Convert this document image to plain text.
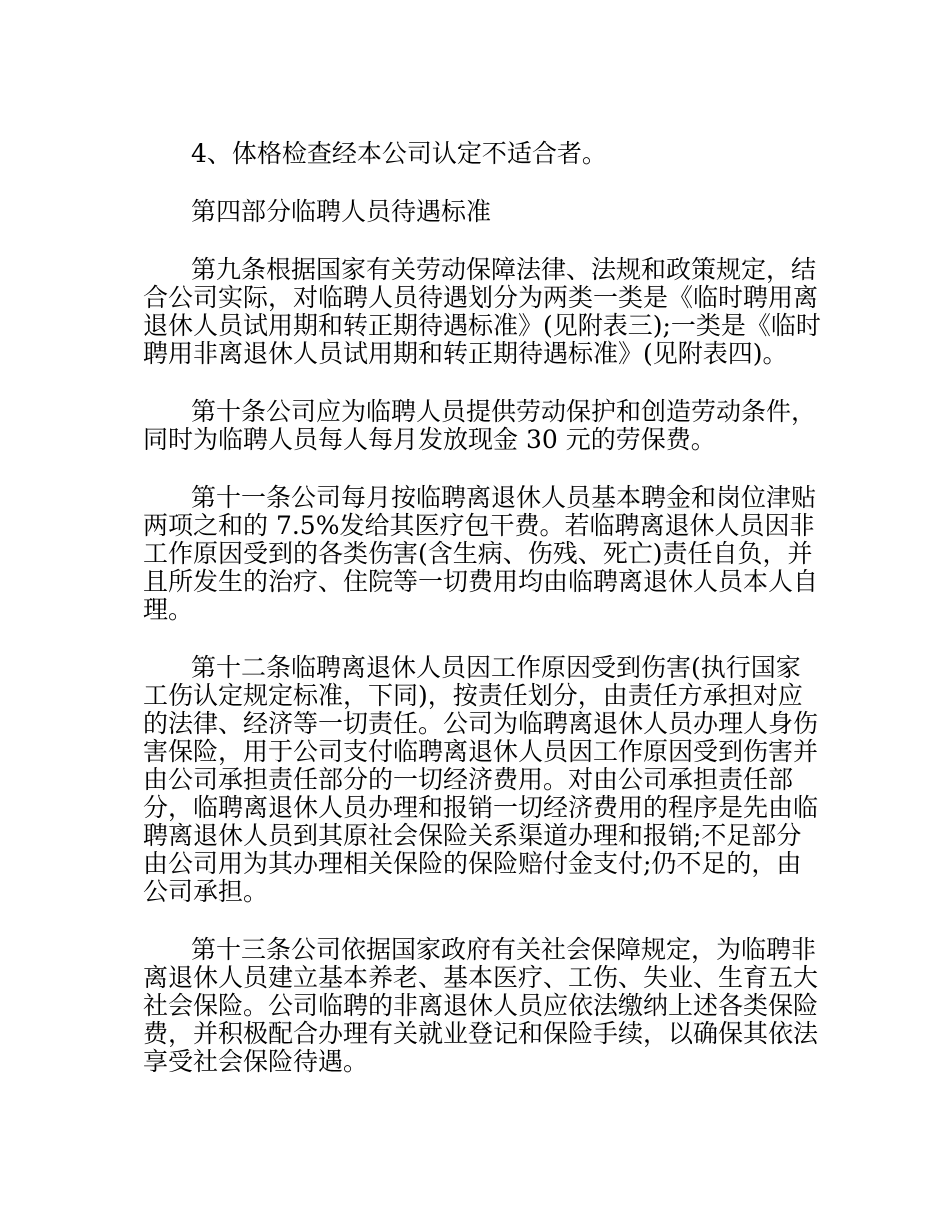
4、体格检查经本公司认定不适合者。

第四部分临聘人员待遇标准

第九条根据国家有关劳动保障法律、法规和政策规定，结合公司实际，对临聘人员待遇划分为两类一类是《临时聘用离退休人员试用期和转正期待遇标准》(见附表三);一类是《临时聘用非离退休人员试用期和转正期待遇标准》(见附表四)。

第十条公司应为临聘人员提供劳动保护和创造劳动条件，同时为临聘人员每人每月发放现金 30 元的劳保费。

第十一条公司每月按临聘离退休人员基本聘金和岗位津贴两项之和的 7.5%发给其医疗包干费。若临聘离退休人员因非工作原因受到的各类伤害(含生病、伤残、死亡)责任自负，并且所发生的治疗、住院等一切费用均由临聘离退休人员本人自理。

第十二条临聘离退休人员因工作原因受到伤害(执行国家工伤认定规定标准，下同)，按责任划分，由责任方承担对应的法律、经济等一切责任。公司为临聘离退休人员办理人身伤害保险，用于公司支付临聘离退休人员因工作原因受到伤害并由公司承担责任部分的一切经济费用。对由公司承担责任部分，临聘离退休人员办理和报销一切经济费用的程序是先由临聘离退休人员到其原社会保险关系渠道办理和报销;不足部分由公司用为其办理相关保险的保险赔付金支付;仍不足的，由公司承担。

第十三条公司依据国家政府有关社会保障规定，为临聘非离退休人员建立基本养老、基本医疗、工伤、失业、生育五大社会保险。公司临聘的非离退休人员应依法缴纳上述各类保险费，并积极配合办理有关就业登记和保险手续，以确保其依法享受社会保险待遇。
